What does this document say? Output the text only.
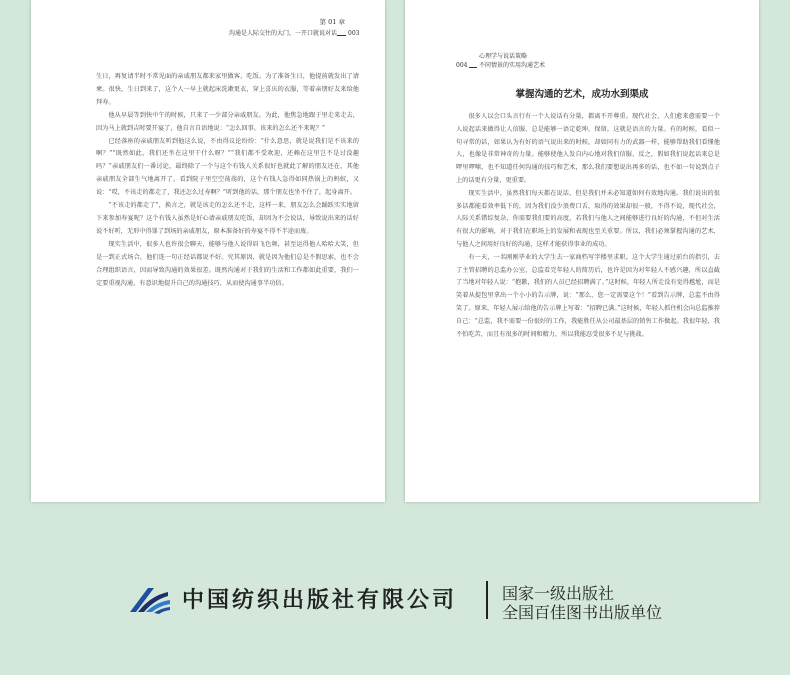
第 01 章
沟通是人际交往的大门，一开口就说对话 003

生日，再复请半时不常见面的亲戚朋友都来家里做客、吃饭。为了准备生日，他提前就发出了请柬。很快，生日到来了，这个人一早上就起床洗漱更衣，穿上喜庆的衣服，等着亲朋好友来给他拜寿。

他从早晨等到快中午的时候，只来了一少部分亲戚朋友。为此，他焦急地跟于里走来走去，因为马上就到吉时要开宴了，他自言自语地说：“怎么回事，该来的怎么还不来呢？”

已经落座的亲戚朋友听到他这么说，不由得议论纷纷：“什么意思，就是说我们是不该来的啊？”“既然如此，我们还坐在这里干什么呀？”“我们都不受欢迎，还赖在这里岂不是讨没趣吗？”亲戚朋友们一番讨论，最终除了一个与这个有钱人关系很好也就此了解的朋友还在，其他亲戚朋友全部生气地离开了。看到院子里空空荡荡的，这个有钱人急得如同热锅上的蚂蚁，又说：“哎，不该走的都走了，我还怎么过寿啊？”听到他的话，那个朋友也坐不住了，起身离开。

“不该走的都走了”，换言之，就是该走的怎么还不走，这样一来，朋友怎么会踊跃实实地留下来参加寿宴呢？这个有钱人虽然是好心请亲戚朋友吃饭，却因为不会说话，导致说出来的话好说不好听，无形中得罪了到场的亲戚朋友，原本准备好的寿宴不得不半途而废。

现实生活中，很多人也许很会聊天，能够与他人说得眉飞色舞，甚至运得他人哈哈大笑，但是一到正式场合，他们连一句正经话都说不好。究其原因，就是因为他们总是不假思索，也不会合理组织语言，因而导致沟通的效果很差。既然沟通对于我们的生活和工作都如此重要，我们一定要重视沟通，有意识地提升自己的沟通技巧，从而使沟通事半功倍。

心理学与说话策略
004 不同情景的实用沟通艺术
掌握沟通的艺术，成功水到渠成

很多人以会口头言行有一个人说话有分量，都离不开尊重。现代社会，人们愈来愈需要一个人说起话来做得让人信服、总是能够一语定乾坤，保留。这就是语言的力量。有的时候，看似一句寻常的话，如果认为有好的语气说出来的时候，却如同有力的武器一样，能够帮助我们看懂他人，也像是非常神奇的力量。能够使他人发自内心地对我们信服，反之，假如我们说起话来总是啰里啰嗦，也不知道任何沟通的技巧和艺术，那么我们要想说出再多的话，也不如一句说到点子上的话更有分量，更重要。

现实生活中，虽然我们每天都在说话，但是我们并未必知道如何有效地沟通。我们说出的很多话都能看效率低下的，因为我们没少浪费口舌，取得的效果却很一般，不得不说，现代社会，人际关系错综复杂，你需要我们要的高度，若我们与他人之间能够进行良好的沟通，不但对生活有很大的影响，对于我们在职场上的发展和表现也至关重要。所以，我们必须掌握沟通的艺术，与他人之间用好良好的沟通，这样才能获得事业的成功。

有一天，一名刚刚毕业的大学生去一家商档写字楼里求职。这个大学生通过前台的指引，去了主管招聘的总监办公室，总监看完年轻人的简历后，也许是因为对年轻人不感兴趣，所以直截了当地对年轻人说：“抱歉，我们的人员已经招聘满了。”这时候，年轻人所走没有觉得尴尬，而是笑着从提包里拿出一个小小的告示牌，说：“那么，您一定需要这个！”看到告示牌，总监不由得笑了。原来，年轻人展示给他的告示牌上写着：“招聘已满。”这时候，年轻人抓住机会向总监推荐自己：“总监，我不需要一份很好的工作，我能胜任从公司最基层的销售工作做起。我很年轻，我不怕吃苦，而且有很多的时间和精力，所以我能忍受很多不足与挑战。

中国纺织出版社有限公司	国家一级出版社
全国百佳图书出版单位
